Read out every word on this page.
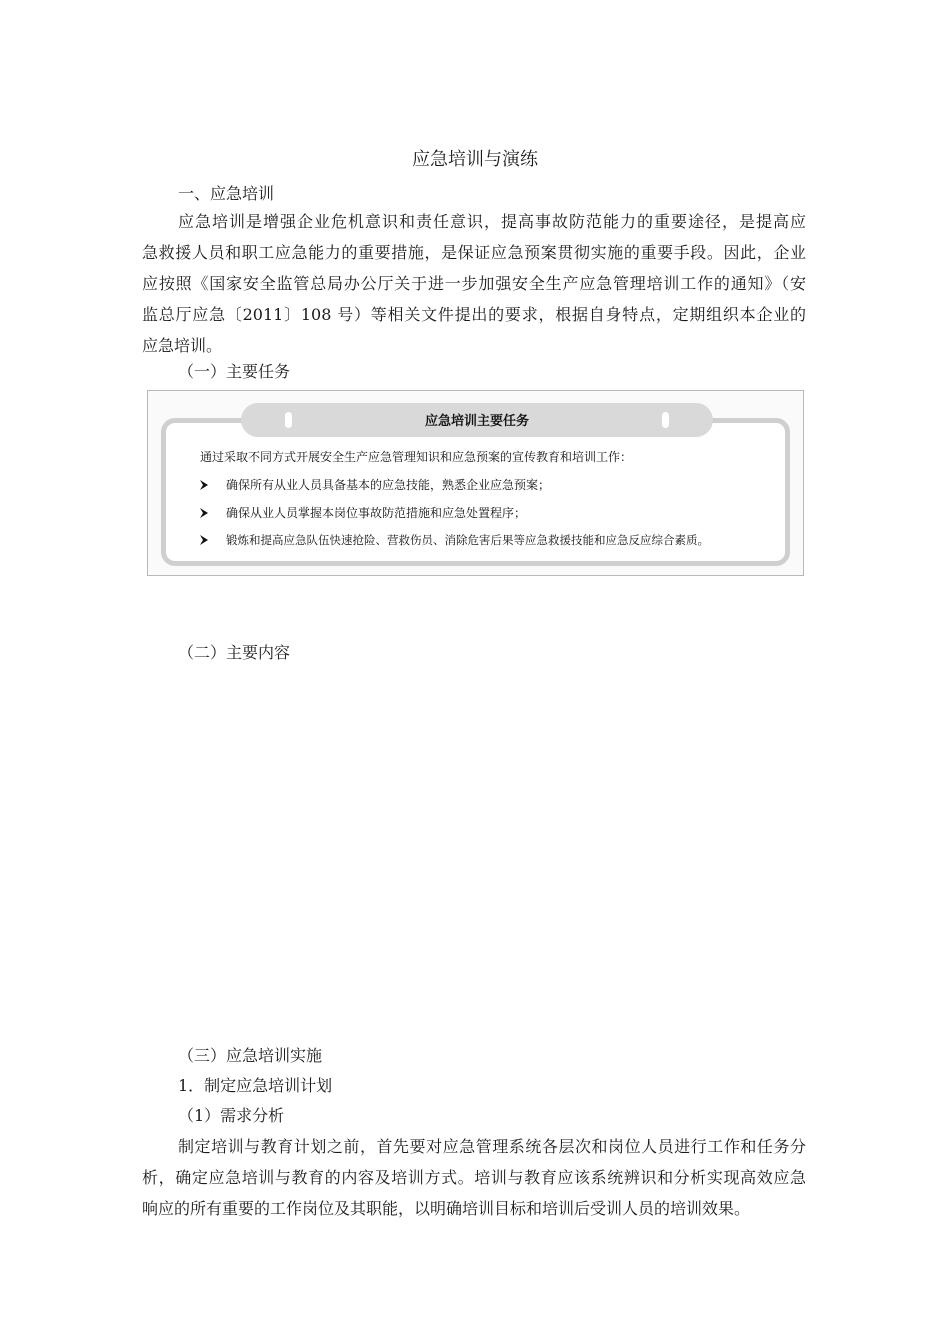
应急培训与演练
一、应急培训
应急培训是增强企业危机意识和责任意识，提高事故防范能力的重要途径，是提高应
急救援人员和职工应急能力的重要措施，是保证应急预案贯彻实施的重要手段。因此，企业
应按照《国家安全监管总局办公厅关于进一步加强安全生产应急管理培训工作的通知》（安
监总厅应急〔2011〕108 号）等相关文件提出的要求，根据自身特点，定期组织本企业的
应急培训。
（一）主要任务
应急培训主要任务
通过采取不同方式开展安全生产应急管理知识和应急预案的宣传教育和培训工作：
确保所有从业人员具备基本的应急技能，熟悉企业应急预案；
确保从业人员掌握本岗位事故防范措施和应急处置程序；
锻炼和提高应急队伍快速抢险、营救伤员、消除危害后果等应急救援技能和应急反应综合素质。
（二）主要内容
（三）应急培训实施
1．制定应急培训计划
（1）需求分析
制定培训与教育计划之前，首先要对应急管理系统各层次和岗位人员进行工作和任务分
析，确定应急培训与教育的内容及培训方式。培训与教育应该系统辨识和分析实现高效应急
响应的所有重要的工作岗位及其职能，以明确培训目标和培训后受训人员的培训效果。
